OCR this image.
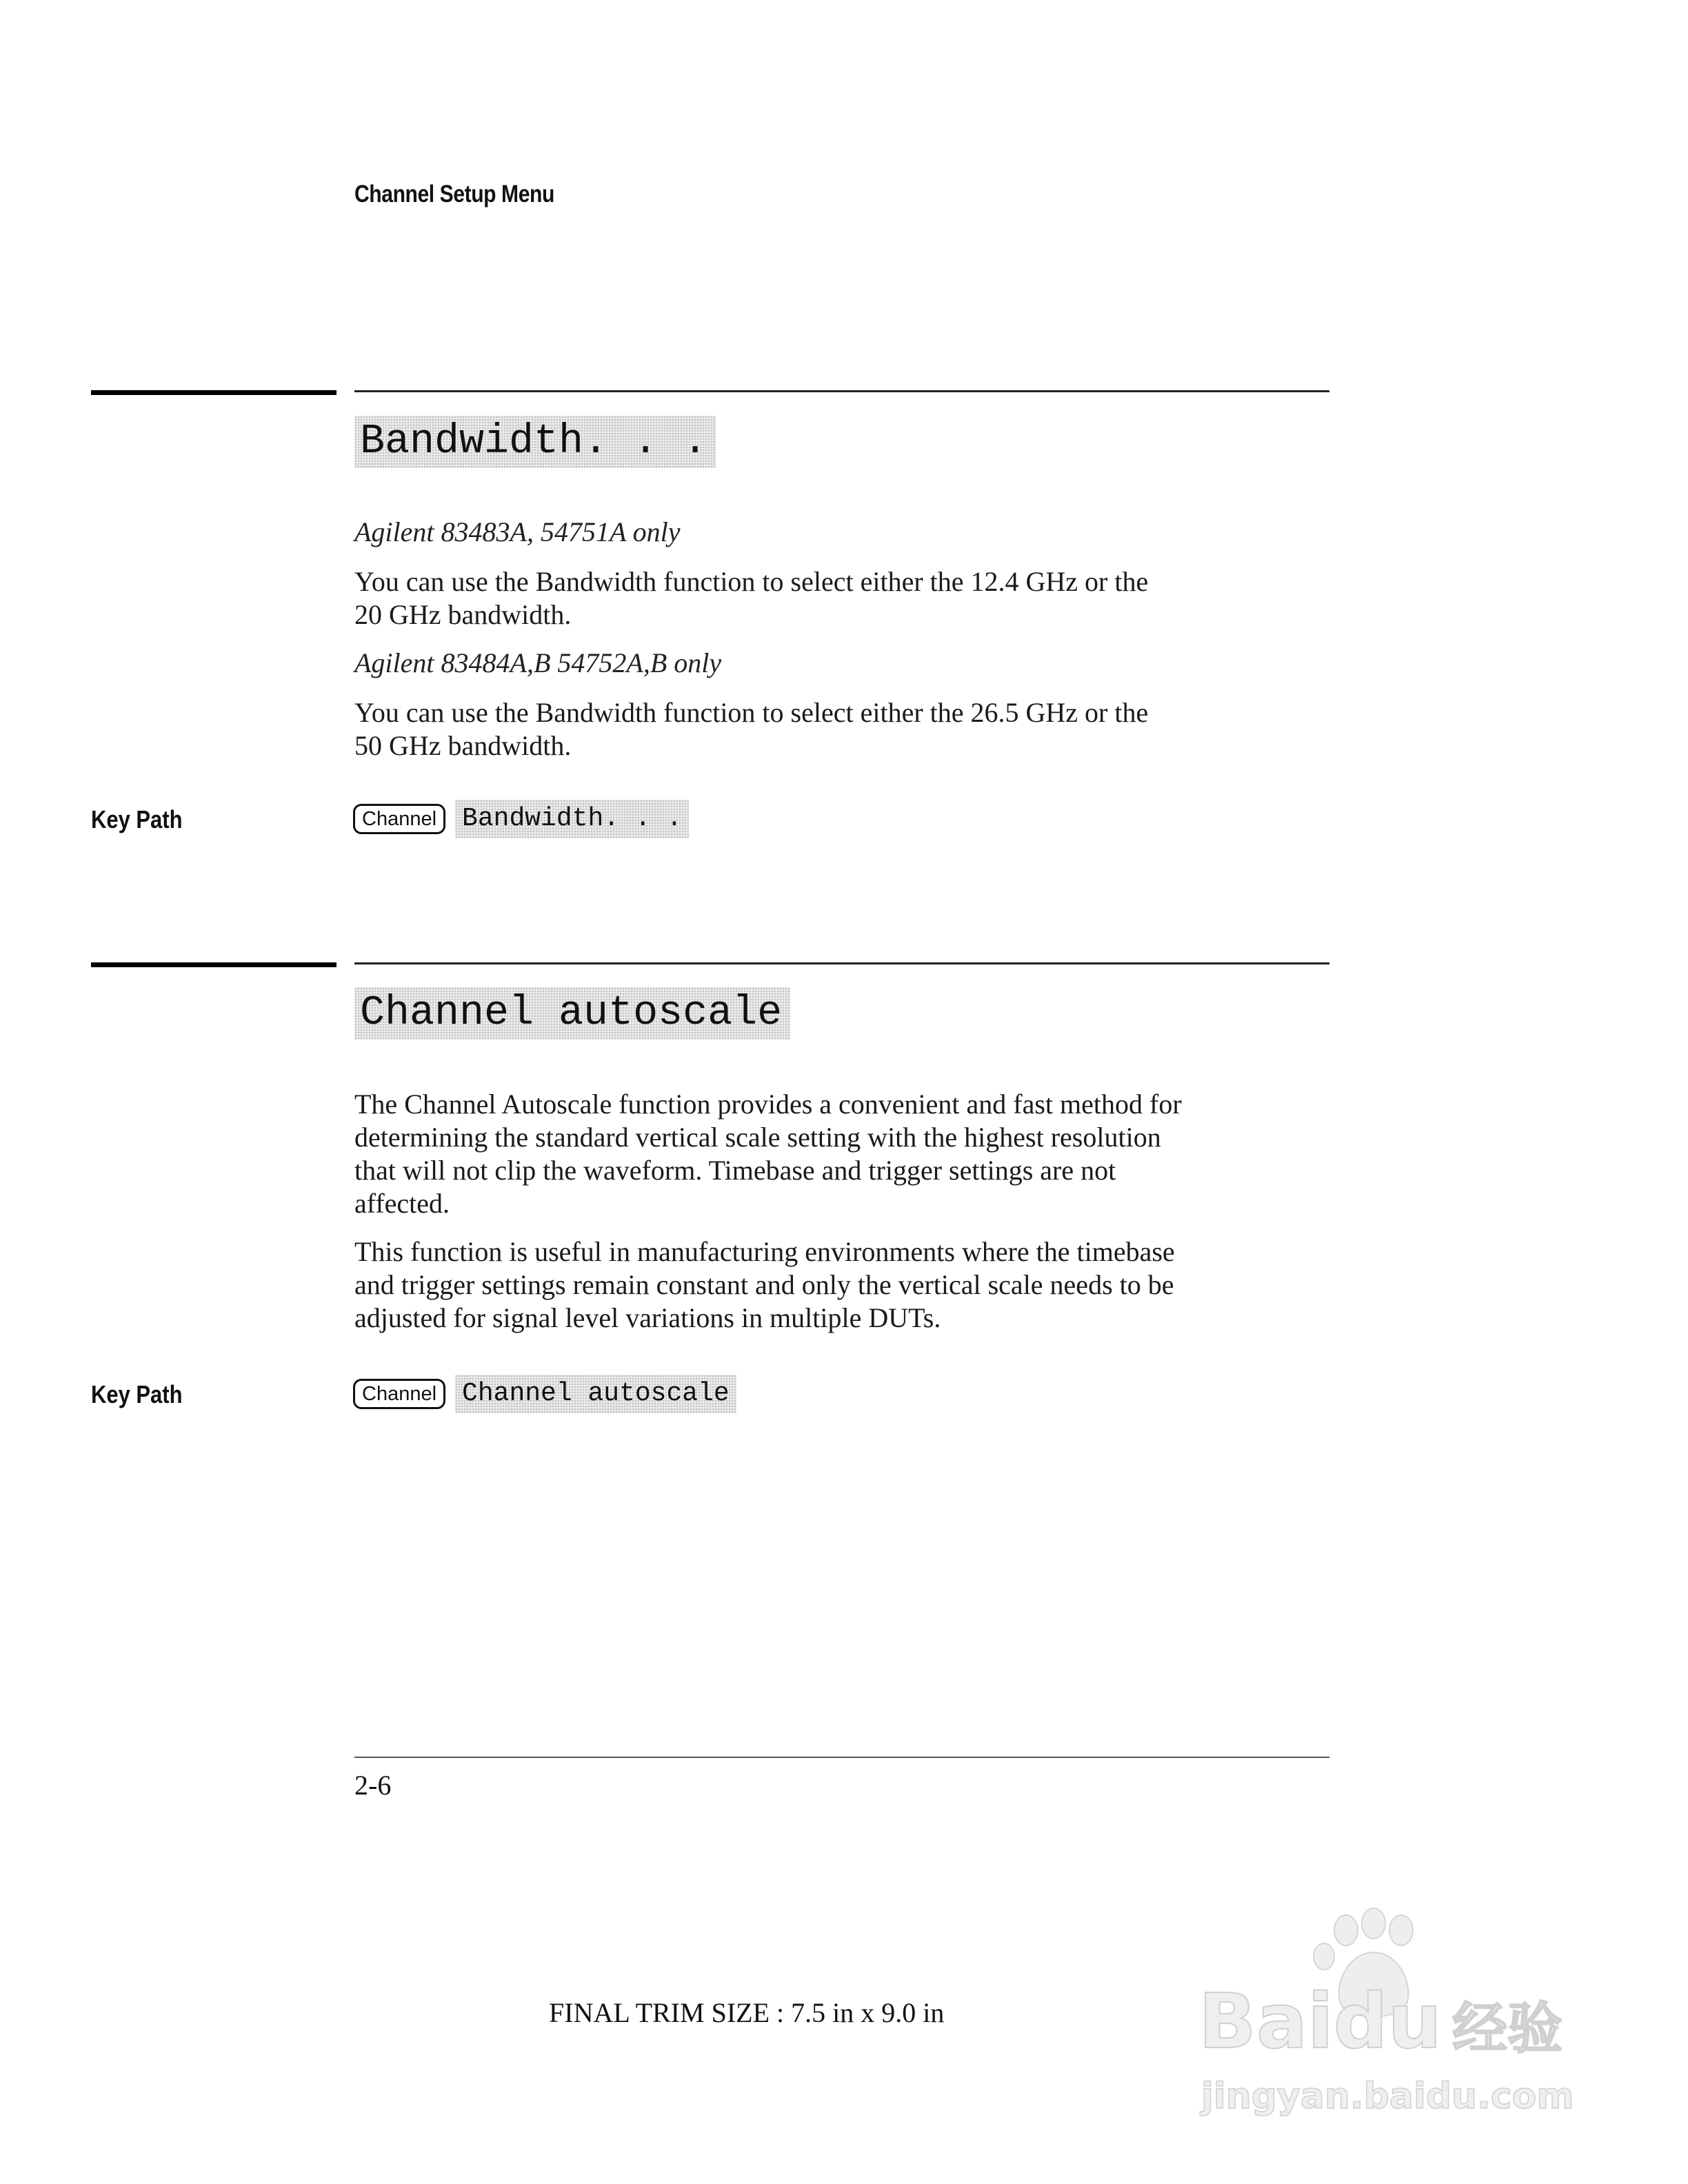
Channel Setup Menu
Bandwidth. . .
Agilent 83483A, 54751A only
You can use the Bandwidth function to select either the 12.4 GHz or the
20 GHz bandwidth.
Agilent 83484A,B 54752A,B only
You can use the Bandwidth function to select either the 26.5 GHz or the
50 GHz bandwidth.
Key Path	Channel Bandwidth. . .
Channel autoscale
The Channel Autoscale function provides a convenient and fast method for
determining the standard vertical scale setting with the highest resolution
that will not clip the waveform. Timebase and trigger settings are not
affected.
This function is useful in manufacturing environments where the timebase
and trigger settings remain constant and only the vertical scale needs to be
adjusted for signal level variations in multiple DUTs.
Key Path	Channel Channel autoscale
2-6
FINAL TRIM SIZE : 7.5 in x 9.0 in	Baidu 经验
jingyan.baidu.com
